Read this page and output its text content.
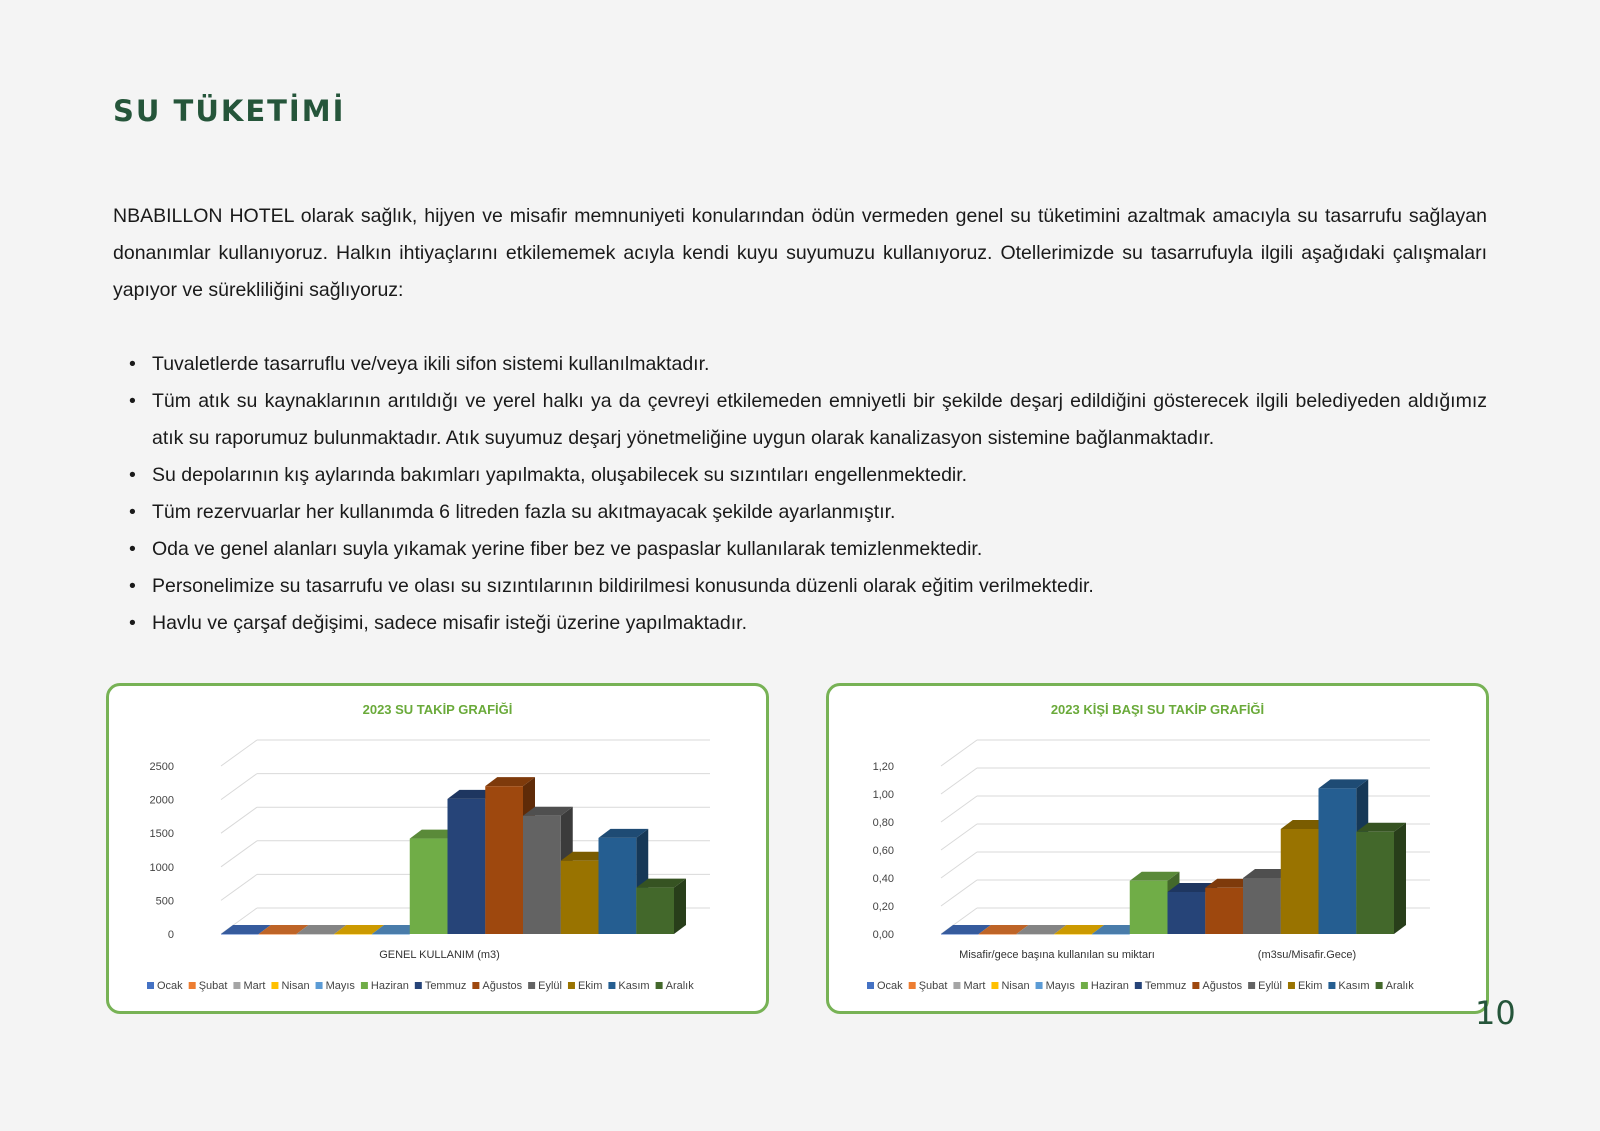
SU TÜKETİMİ

NBABILLON HOTEL olarak sağlık, hijyen ve misafir memnuniyeti konularından ödün vermeden genel su tüketimini azaltmak amacıyla su tasarrufu sağlayan donanımlar kullanıyoruz. Halkın ihtiyaçlarını etkilememek acıyla kendi kuyu suyumuzu kullanıyoruz. Otellerimizde su tasarrufuyla ilgili aşağıdaki çalışmaları yapıyor ve sürekliliğini sağlıyoruz:

• Tuvaletlerde tasarruflu ve/veya ikili sifon sistemi kullanılmaktadır.
• Tüm atık su kaynaklarının arıtıldığı ve yerel halkı ya da çevreyi etkilemeden emniyetli bir şekilde deşarj edildiğini gösterecek ilgili belediyeden aldığımız atık su raporumuz bulunmaktadır. Atık suyumuz deşarj yönetmeliğine uygun olarak kanalizasyon sistemine bağlanmaktadır.
• Su depolarının kış aylarında bakımları yapılmakta, oluşabilecek su sızıntıları engellenmektedir.
• Tüm rezervuarlar her kullanımda 6 litreden fazla su akıtmayacak şekilde ayarlanmıştır.
• Oda ve genel alanları suyla yıkamak yerine fiber bez ve paspaslar kullanılarak temizlenmektedir.
• Personelimize su tasarrufu ve olası su sızıntılarının bildirilmesi konusunda düzenli olarak eğitim verilmektedir.
• Havlu ve çarşaf değişimi, sadece misafir isteği üzerine yapılmaktadır.
2023 SU TAKİP GRAFİĞİ
0
500
1000
1500
2000
2500
GENEL KULLANIM (m3)
Ocak Şubat Mart Nisan Mayıs Haziran Temmuz Ağustos Eylül Ekim Kasım Aralık
2023 KİŞİ BAŞI SU TAKİP GRAFİĞİ
0,00
0,20
0,40
0,60
0,80
1,00
1,20
Misafir/gece başına kullanılan su miktarı	(m3su/Misafir.Gece)
Ocak Şubat Mart Nisan Mayıs Haziran Temmuz Ağustos Eylül Ekim Kasım Aralık
10
